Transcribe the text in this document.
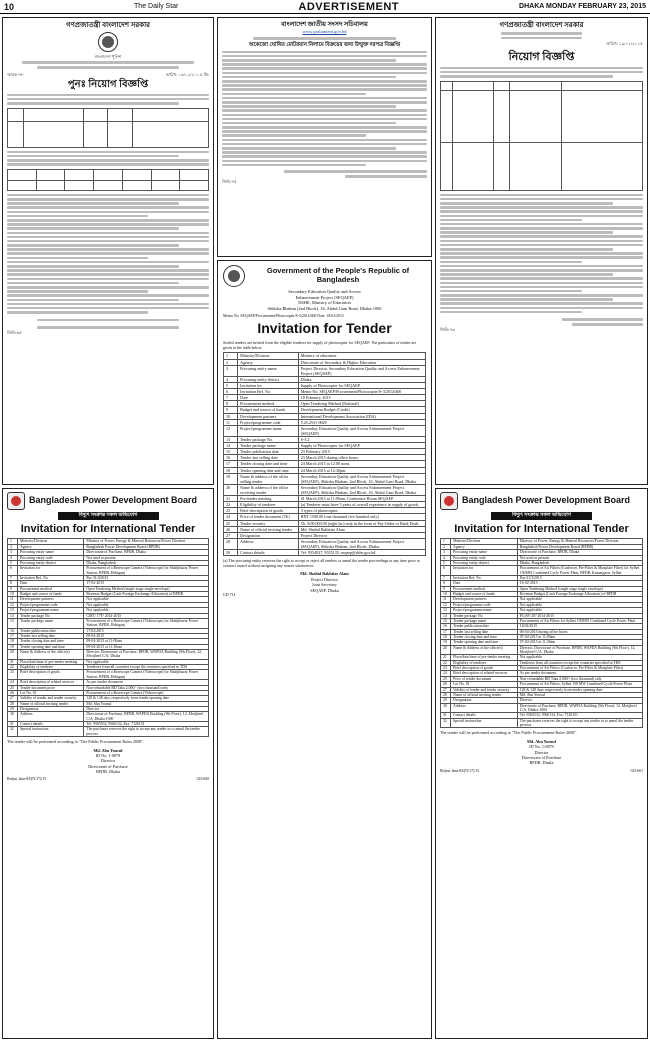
10	The Daily Star	ADVERTISEMENT	DHAKA MONDAY FEBRUARY 23, 2015
গণপ্রজাতন্ত্রী বাংলাদেশ সরকার
বাংলাদেশ পুলিশ
স্মারক নং-	তারিখ: ১৬/০২/২০১৫ খ্রি:
পুনঃ নিয়োগ বিজ্ঞপ্তি

জিডি-৬৫
বাংলাদেশ জাতীয় সংসদ সচিবালয়
www.parliament.gov.bd
অকেজো ঘোষিত মোটরযান নিলামে বিক্রয়ের জন্য উন্মুক্ত দরপত্র বিজ্ঞপ্তি
জিডি-৭৫
গণপ্রজাতন্ত্রী বাংলাদেশ সরকার
তারিখ: ১৯/০২/২০১৫
নিয়োগ বিজ্ঞপ্তি

জিডি-৭৩
Government of the People's Republic of Bangladesh
Secondary Education Quality and Access
Enhancement Project (SEQAEP)
DSHE, Ministry of Education
Shiksha Bhaban (2nd Block), 16, Abdul Gani Road, Dhaka-1000
Memo No. SEQAEP/Procurement/Photocopier/S-3/2014/400 Date: 18/02/2015
Invitation for Tender
Sealed tenders are invited from the eligible tenderer for supply of photocopier for SEQAEP. The particulars of tender are given in the table below:
1	Ministry/Division	Ministry of education.
2	Agency	Directorate of Secondary & Higher Education
3	Procuring entity name	Project Director, Secondary Education Quality and Access Enhancement Project (SEQAEP)
4	Procuring entity district	Dhaka
5	Invitation for	Supply of Photocopier for SEQAEP.
6	Invitation Ref. No.	Memo No. SEQAEP/Procurement/Photocopier/S-3/2014/400
7	Date	18 February, 2015
8	Procurement method	Open Tendering Method (National)
9	Budget and source of funds	Development Budget (Credit)
10	Development partners	International Development Association (IDA)
11	Project/programme code	5.25.2531-0020
12	Project/programme name	Secondary Education Quality and Access Enhancement Project (SEQAEP)
13	Tender package No.	S-3.2
14	Tender package name	Supply of Photocopier for SEQAEP
15	Tender publication date	23 February 2015.
16	Tender last selling date	23 March 2015 during office hours.
17	Tender closing date and time	24 March 2015 at 12:00 noon.
18	Tender opening date and time	24 March 2015 at 12:30pm.
19	Name & address of the office selling tender	Secondary Education Quality and Access Enhancement Project (SEQAEP), Shiksha Bhaban, 2nd Block, 16, Abdul Gani Road, Dhaka.
20	Name & address of the office receiving tender	Secondary Education Quality and Access Enhancement Project (SEQAEP), Shiksha Bhaban, 2nd Block, 16, Abdul Gani Road, Dhaka.
21	Pre-tender meeting	01 March 2015 at 11:00am, Conference Room SEQAEP
22	Eligibility of tenderer	(a) Tenderer must have 5 years of overall experience in supply of goods.
23	Brief description of goods	3 types of photocopier.
24	Price of tender document (Tk)	BDT 1500.00 (one thousand five hundred only)
25	Tender security	Tk. 8,00,000.00 (eight lac) only in the form of Pay-Order or Bank Draft.
26	Name of official inviting tender	Md. Shahid Bakhtiar Alam
27	Designation	Project Director
28	Address	Secondary Education Quality and Access Enhancement Project (SEQAEP), Shiksha Bhaban, 2nd Block, Dhaka.
29	Contact details	Tel: 9554037, 9555135; seqaep@dshe.gov.bd
(a) The procuring entity reserves the right to accept or reject all tenders or annul the tender proceedings at any time prior to contract award without assigning any reason whatsoever.
Md. Shahid Bakhtiar Alam
Project Director
Joint Secretary
SEQAEP, Dhaka
GD-714
Bangladesh Power Development Board
বিদ্যুৎ সংক্রান্ত সকল অভিযোগ
Invitation for International Tender
1	Ministry/Division	Ministry of Power, Energy & Mineral Resources/Power Division
2	Agency	Bangladesh Power Development Board (BPDB)
3	Procuring entity name	Directorate of Purchase, BPDB, Dhaka
4	Procuring entity code	Not used at present
5	Procuring entity district	Dhaka, Bangladesh
6	Invitation for	Procurement of a Borescope Camera (Videoscope) for Shahjibazar Power Station, BPDB, Hobiganj
7	Invitation Ref. No.	Pur-31/4/2015
8	Date	17-02-2015
9	Procurement method	Open Tendering Method (single stage single envelope)
10	Budget and source of funds	Revenue Budget (Cash Foreign Exchange Allocation) of BPDB
11	Development partners	Not applicable
12	Project/programme code	Not applicable
13	Project/programme name	Not applicable
14	Tender package No.	GMT/ 17F/ 2014-2015
15	Tender package name	Procurement of a Borescope Camera (Videoscope) for Shahjibazar Power Station, BPDB, Hobiganj
16	Tender publication date	17/02/2015
17	Tender last selling date	08-04-2015
18	Tender closing date and time	09-04-2015 at 11:00am
19	Tender opening date and time	09-04-2015 at 11:30am
20	Name & Address of the office(s)	Director, Directorate of Purchase, BPDB, WAPDA Building (9th Floor), 12, Motijheel C/A, Dhaka
21	Place/date/time of pre-tender meeting	Not applicable
22	Eligibility of tenderer	Tenderers from all countries except the countries specified in TDS
23	Brief description of goods	Procurement of a Borescope Camera (Videoscope) for Shahjibazar Power Station, BPDB, Hobiganj
24	Brief description of related services	As per tender document
25	Tender document price	Non-refundable BD Taka 2,000/- (two thousand) only
26	Lot No. 01	Procurement of a Borescope Camera (Videoscope)
27	Validity of tender and tender security	128 & 148 days respectively from tender opening date
28	Name of official inviting tender	Md. Abu Yousuf
29	Designation	Director
30	Address	Directorate of Purchase, BPDB, WAPDA Building (9th Floor), 12, Motijheel C/A, Dhaka-1000
31	Contact details	Tel: 9565532, 9566132, Fax: 7126151
32	Special instruction	The purchaser reserves the right to accept any tender or to annul the tender process.
The tender will be performed according to "The Public Procurement Rules 2008".
Md. Abu Yousuf
ID No. 1-0879
Director
Directorate of Purchase
BPDB, Dhaka
Bidyut Jana-84/(N/17)/15	GD-660
Bangladesh Power Development Board
বিদ্যুৎ সংক্রান্ত সকল অভিযোগ
Invitation for International Tender
1	Ministry/Division	Ministry of Power, Energy & Mineral Resources/Power Division
2	Agency	Bangladesh Power Development Board (BPDB)
3	Procuring entity name	Directorate of Purchase, BPDB, Dhaka
4	Procuring entity code	Not used at present
5	Procuring entity district	Dhaka, Bangladesh
6	Invitation for	Procurement of Air Filters (Coalescer, Pre-Filter & Miniplate Filter) for Sylhet 150MW Combined Cycle Power Plant, BPDB, Kumargaon, Sylhet
7	Invitation Ref. No.	Pur-31/3/2015
8	Date	16-02-2015
9	Procurement method	Open Tendering Method (single stage single envelope)
10	Budget and source of funds	Revenue Budget (Cash Foreign Exchange Allocation) of BPDB
11	Development partners	Not applicable
12	Project/programme code	Not applicable
13	Project/programme name	Not applicable
14	Tender package No.	PGAF/ 2F/ 2014-2015
15	Tender package name	Procurement of Air Filters for Sylhet 150MW Combined Cycle Power Plant
16	Tender publication date	16/02/2015
17	Tender last selling date	06-04-2015 during office hours
18	Tender closing date and time	07-04-2015 at 11:00am
19	Tender opening date and time	07-04-2015 at 11:30am
20	Name & Address of the office(s)	Director, Directorate of Purchase, BPDB, WAPDA Building (9th Floor), 12, Motijheel C/A, Dhaka
21	Place/date/time of pre-tender meeting	Not applicable
22	Eligibility of tenderer	Tenderers from all countries except the countries specified in TDS
23	Brief description of goods	Procurement of Air Filters (Coalescer, Pre-Filter & Miniplate Filter)
24	Brief description of related services	As per tender document
25	Price of tender document	Non-refundable BD Taka 2,000/- (two thousand) only
26	Lot No. 01	Procurement of Air Filters, Sylhet 150 MW Combined Cycle Power Plant
27	Validity of tender and tender security	128 & 148 days respectively from tender opening date
28	Name of official inviting tender	Md. Abu Yousuf
29	Designation	Director
30	Address	Directorate of Purchase, BPDB, WAPDA Building (9th Floor), 12, Motijheel C/A, Dhaka-1000
31	Contact details	Tel: 9565532, 9566132, Fax: 7126151
32	Special instruction	The purchaser reserves the right to accept any tender or to annul the tender process.
The tender will be performed according to "The Public Procurement Rules 2008".
Md. Abu Yousuf
ID No. 1-0879
Director
Directorate of Purchase
BPDB, Dhaka
Bidyut Jana-84/(N/17)/15	GD-661
